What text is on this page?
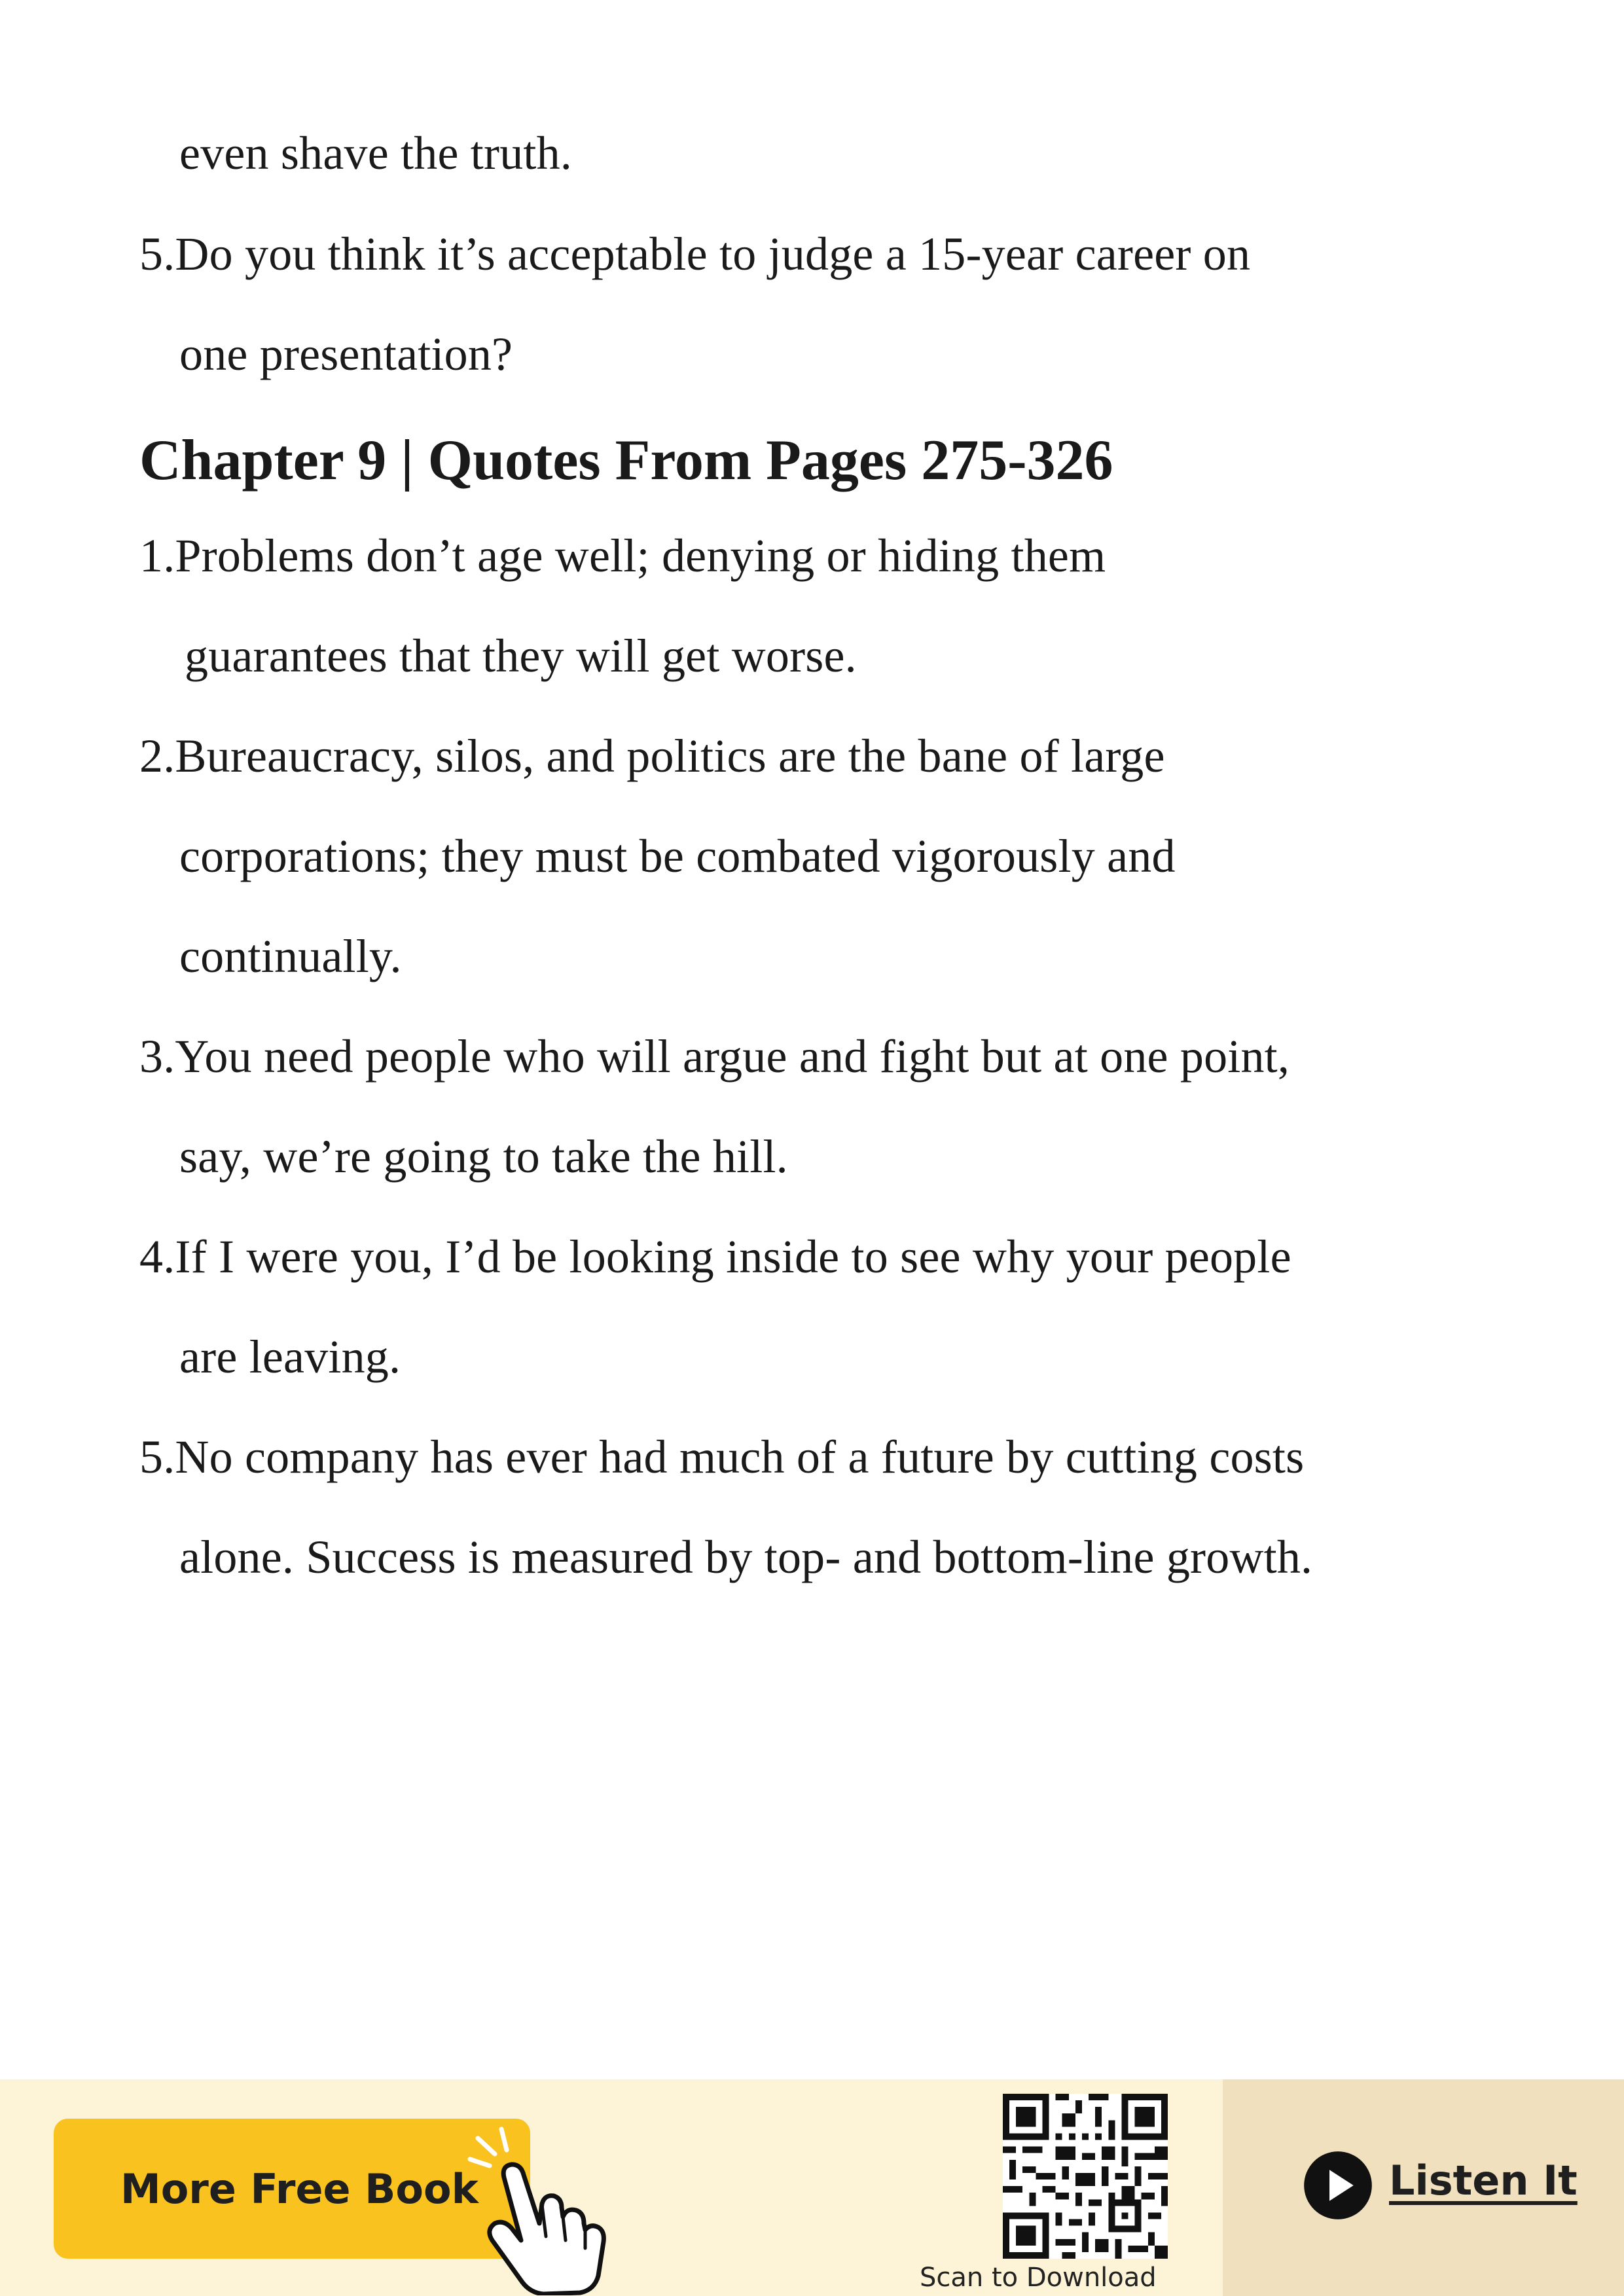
even shave the truth.
5.Do you think it’s acceptable to judge a 15-year career on
one presentation?
Chapter 9 | Quotes From Pages 275-326
1.Problems don’t age well; denying or hiding them
guarantees that they will get worse.
2.Bureaucracy, silos, and politics are the bane of large
corporations; they must be combated vigorously and
continually.
3.You need people who will argue and fight but at one point,
say, we’re going to take the hill.
4.If I were you, I’d be looking inside to see why your people
are leaving.
5.No company has ever had much of a future by cutting costs
alone. Success is measured by top- and bottom-line growth.
More Free Book
Scan to Download
Listen It
